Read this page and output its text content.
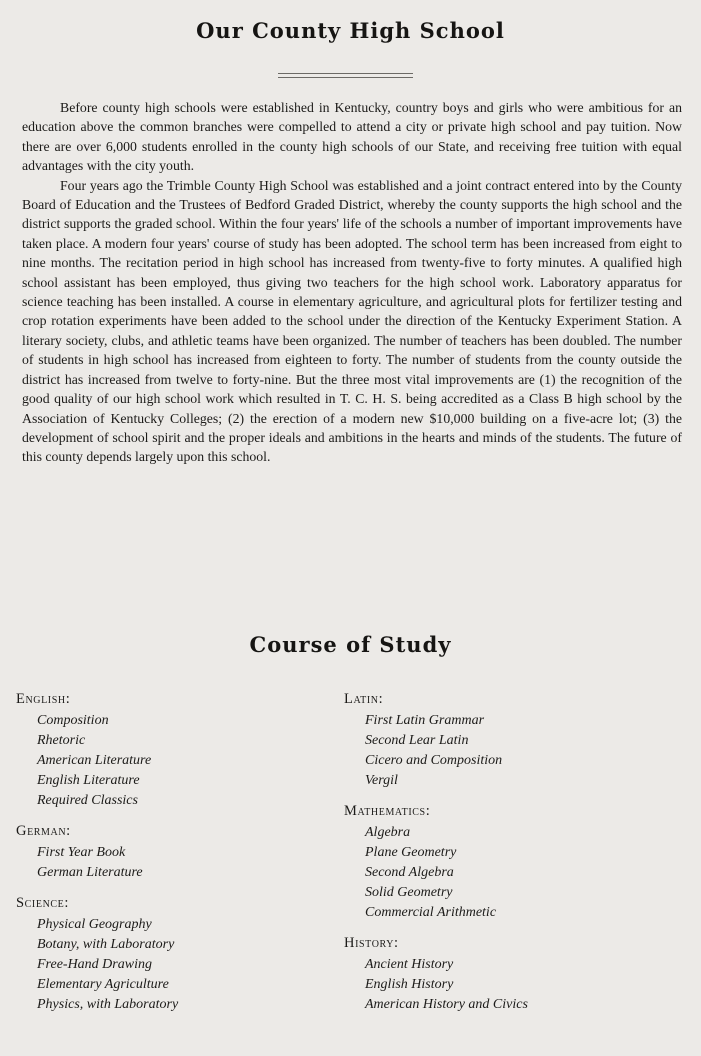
Our County High School

Before county high schools were established in Kentucky, country boys and girls who were ambitious for an education above the common branches were compelled to attend a city or private high school and pay tuition. Now there are over 6,000 students enrolled in the county high schools of our State, and receiving free tuition with equal advantages with the city youth.

Four years ago the Trimble County High School was established and a joint contract entered into by the County Board of Education and the Trustees of Bedford Graded District, whereby the county supports the high school and the district supports the graded school. Within the four years' life of the schools a number of important improvements have taken place. A modern four years' course of study has been adopted. The school term has been increased from eight to nine months. The recitation period in high school has increased from twenty-five to forty minutes. A qualified high school assistant has been employed, thus giving two teachers for the high school work. Laboratory apparatus for science teaching has been installed. A course in elementary agriculture, and agricultural plots for fertilizer testing and crop rotation experiments have been added to the school under the direction of the Kentucky Experiment Station. A literary society, clubs, and athletic teams have been organized. The number of teachers has been doubled. The number of students in high school has increased from eighteen to forty. The number of students from the county outside the district has increased from twelve to forty-nine. But the three most vital improvements are (1) the recognition of the good quality of our high school work which resulted in T. C. H. S. being accredited as a Class B high school by the Association of Kentucky Colleges; (2) the erection of a modern new $10,000 building on a five-acre lot; (3) the development of school spirit and the proper ideals and ambitions in the hearts and minds of the students. The future of this county depends largely upon this school.

Course of Study
English:
Composition
Rhetoric
American Literature
English Literature
Required Classics
German:
First Year Book
German Literature
Science:
Physical Geography
Botany, with Laboratory
Free-Hand Drawing
Elementary Agriculture
Physics, with Laboratory
Latin:
First Latin Grammar
Second Lear Latin
Cicero and Composition
Vergil
Mathematics:
Algebra
Plane Geometry
Second Algebra
Solid Geometry
Commercial Arithmetic
History:
Ancient History
English History
American History and Civics
